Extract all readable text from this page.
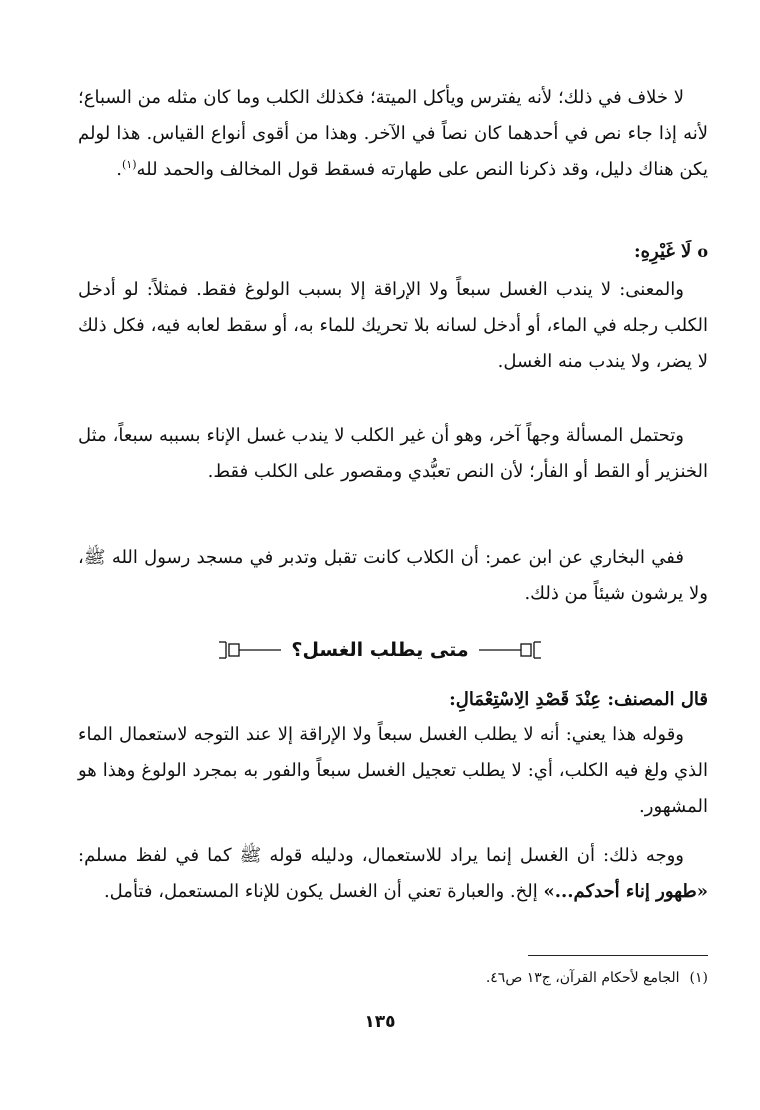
لا خلاف في ذلك؛ لأنه يفترس ويأكل الميتة؛ فكذلك الكلب وما كان مثله من السباع؛ لأنه إذا جاء نص في أحدهما كان نصاً في الآخر. وهذا من أقوى أنواع القياس. هذا لولم يكن هناك دليل، وقد ذكرنا النص على طهارته فسقط قول المخالف والحمد لله$^{(١)}$.
oلَا غَيْرِهِ:
والمعنى: لا يندب الغسل سبعاً ولا الإراقة إلا بسبب الولوغ فقط. فمثلاً: لو أدخل الكلب رجله في الماء، أو أدخل لسانه بلا تحريك للماء به، أو سقط لعابه فيه، فكل ذلك لا يضر، ولا يندب منه الغسل.
وتحتمل المسألة وجهاً آخر، وهو أن غير الكلب لا يندب غسل الإناء بسببه سبعاً، مثل الخنزير أو القط أو الفأر؛ لأن النص تعبُّدي ومقصور على الكلب فقط.
ففي البخاري عن ابن عمر: أن الكلاب كانت تقبل وتدبر في مسجد رسول الله ﷺ، ولا يرشون شيئاً من ذلك.
متى يطلب الغسل؟
قال المصنف: عِنْدَ قَصْدِ الِاسْتِعْمَالِ:
وقوله هذا يعني: أنه لا يطلب الغسل سبعاً ولا الإراقة إلا عند التوجه لاستعمال الماء الذي ولغ فيه الكلب، أي: لا يطلب تعجيل الغسل سبعاً والفور به بمجرد الولوغ وهذا هو المشهور.
ووجه ذلك: أن الغسل إنما يراد للاستعمال، ودليله قوله ﷺ كما في لفظ مسلم: «طهور إناء أحدكم...» إلخ. والعبارة تعني أن الغسل يكون للإناء المستعمل، فتأمل.
(١)الجامع لأحكام القرآن، ج١٣ ص٤٦.
١٣٥
